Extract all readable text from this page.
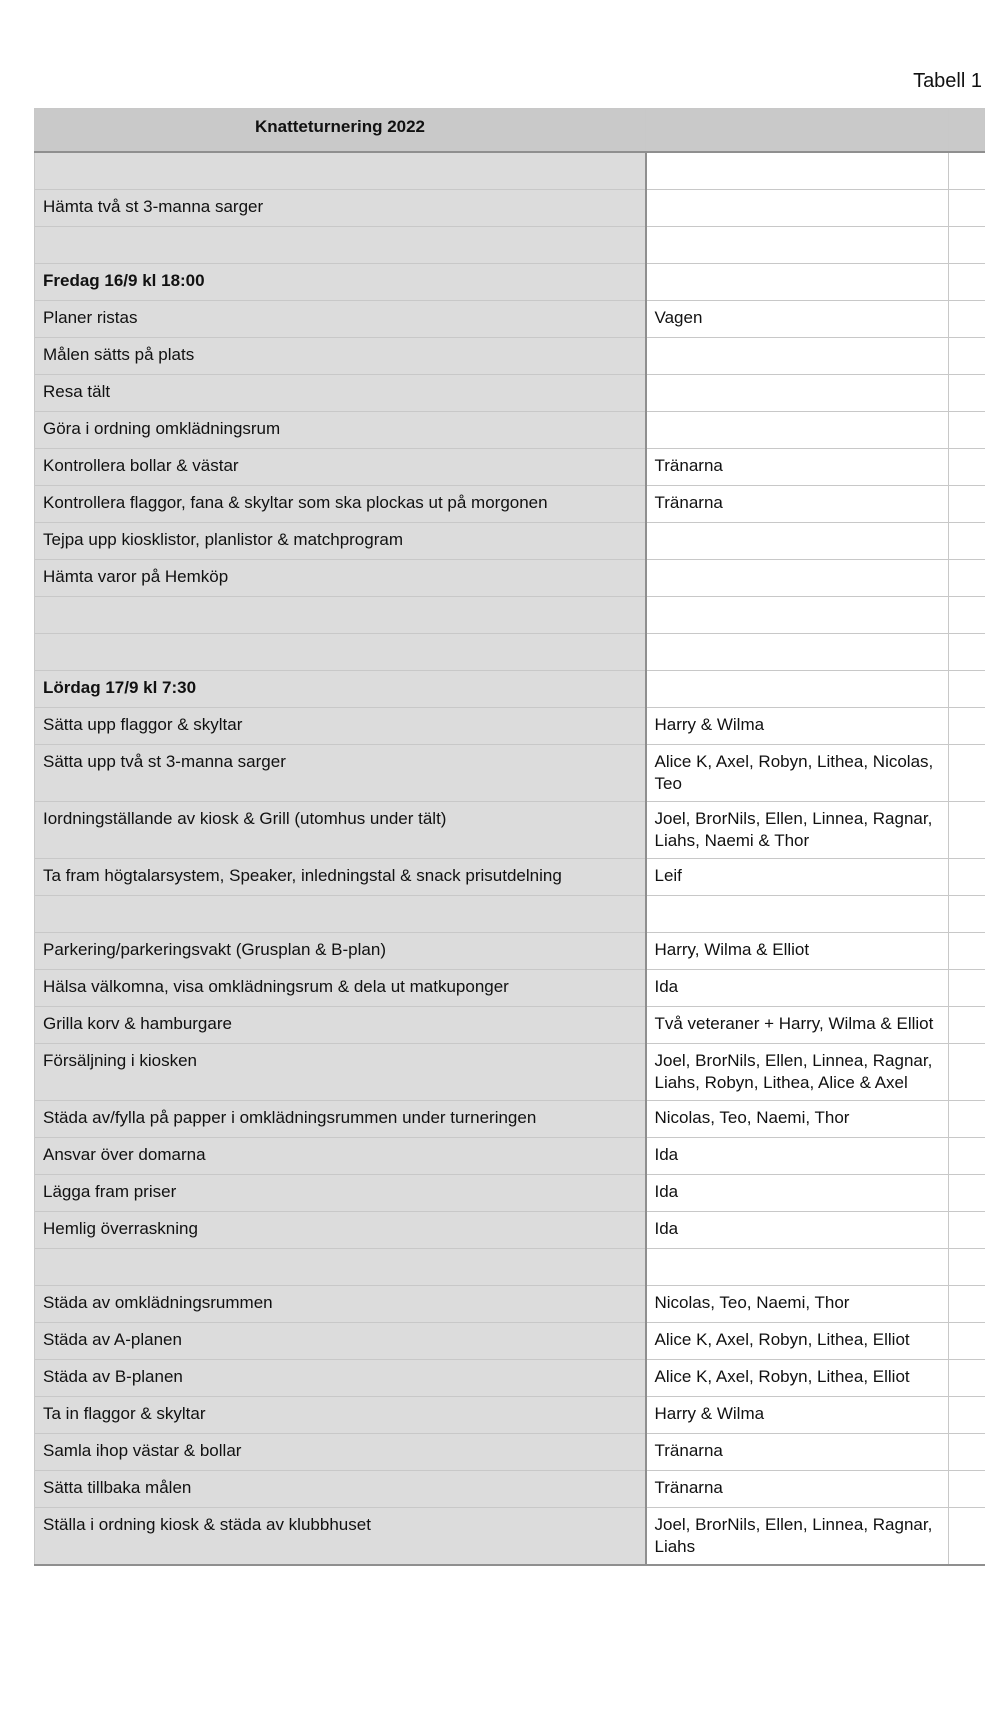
Tabell 1
Knatteturnering 2022		

Hämta två st 3-manna sarger		

Fredag 16/9 kl 18:00		
Planer ristas	Vagen	
Målen sätts på plats		
Resa tält		
Göra i ordning omklädningsrum		
Kontrollera bollar & västar	Tränarna	
Kontrollera flaggor, fana & skyltar som ska plockas ut på morgonen	Tränarna	
Tejpa upp kiosklistor, planlistor & matchprogram		
Hämta varor på Hemköp		

Lördag 17/9 kl 7:30		
Sätta upp flaggor & skyltar	Harry & Wilma	
Sätta upp två st 3-manna sarger	Alice K, Axel, Robyn, Lithea, Nicolas, Teo	
Iordningställande av kiosk & Grill (utomhus under tält)	Joel, BrorNils, Ellen, Linnea, Ragnar, Liahs, Naemi & Thor	
Ta fram högtalarsystem, Speaker, inledningstal & snack prisutdelning	Leif	

Parkering/parkeringsvakt (Grusplan & B-plan)	Harry, Wilma & Elliot	
Hälsa välkomna, visa omklädningsrum & dela ut matkuponger	Ida	
Grilla korv & hamburgare	Två veteraner + Harry, Wilma & Elliot	
Försäljning i kiosken	Joel, BrorNils, Ellen, Linnea, Ragnar, Liahs, Robyn, Lithea, Alice & Axel	
Städa av/fylla på papper i omklädningsrummen under turneringen	Nicolas, Teo, Naemi, Thor	
Ansvar över domarna	Ida	
Lägga fram priser	Ida	
Hemlig överraskning	Ida	

Städa av omklädningsrummen	Nicolas, Teo, Naemi, Thor	
Städa av A-planen	Alice K, Axel, Robyn, Lithea, Elliot	
Städa av B-planen	Alice K, Axel, Robyn, Lithea, Elliot	
Ta in flaggor & skyltar	Harry & Wilma	
Samla ihop västar & bollar	Tränarna	
Sätta tillbaka målen	Tränarna	
Ställa i ordning kiosk & städa av klubbhuset	Joel, BrorNils, Ellen, Linnea, Ragnar, Liahs	
